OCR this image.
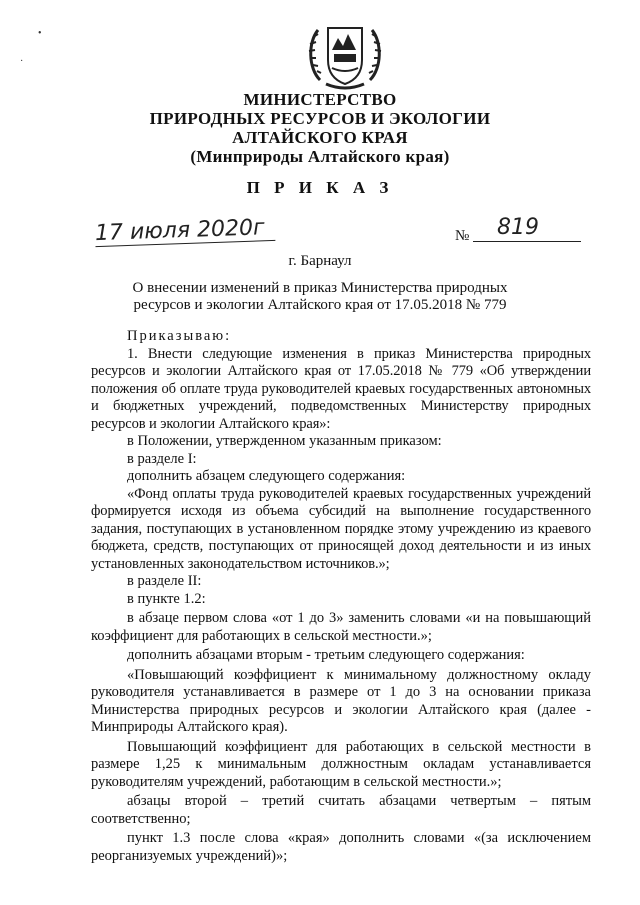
•
·
МИНИСТЕРСТВО
ПРИРОДНЫХ РЕСУРСОВ И ЭКОЛОГИИ
АЛТАЙСКОГО КРАЯ
(Минприроды Алтайского края)
П Р И К А З
17 июля 2020г	№ 819
г. Барнаул
О внесении изменений в приказ Министерства природных
ресурсов и экологии Алтайского края от 17.05.2018 № 779

Приказываю:

1. Внести следующие изменения в приказ Министерства природных ресурсов и экологии Алтайского края от 17.05.2018 № 779 «Об утверждении положения об оплате труда руководителей краевых государственных автономных и бюджетных учреждений, подведомственных Министерству природных ресурсов и экологии Алтайского края»:

в Положении, утвержденном указанным приказом:

в разделе I:

дополнить абзацем следующего содержания:

«Фонд оплаты труда руководителей краевых государственных учреждений формируется исходя из объема субсидий на выполнение государственного задания, поступающих в установленном порядке этому учреждению из краевого бюджета, средств, поступающих от приносящей доход деятельности и из иных установленных законодательством источников.»;

в разделе II:

в пункте 1.2:

в абзаце первом слова «от 1 до 3» заменить словами «и на повышающий коэффициент для работающих в сельской местности.»;

дополнить абзацами вторым - третьим следующего содержания:

«Повышающий коэффициент к минимальному должностному окладу руководителя устанавливается в размере от 1 до 3 на основании приказа Министерства природных ресурсов и экологии Алтайского края (далее - Минприроды Алтайского края).

Повышающий коэффициент для работающих в сельской местности в размере 1,25 к минимальным должностным окладам устанавливается руководителям учреждений, работающим в сельской местности.»;

абзацы второй – третий считать абзацами четвертым – пятым соответственно;

пункт 1.3 после слова «края» дополнить словами «(за исключением реорганизуемых учреждений)»;
